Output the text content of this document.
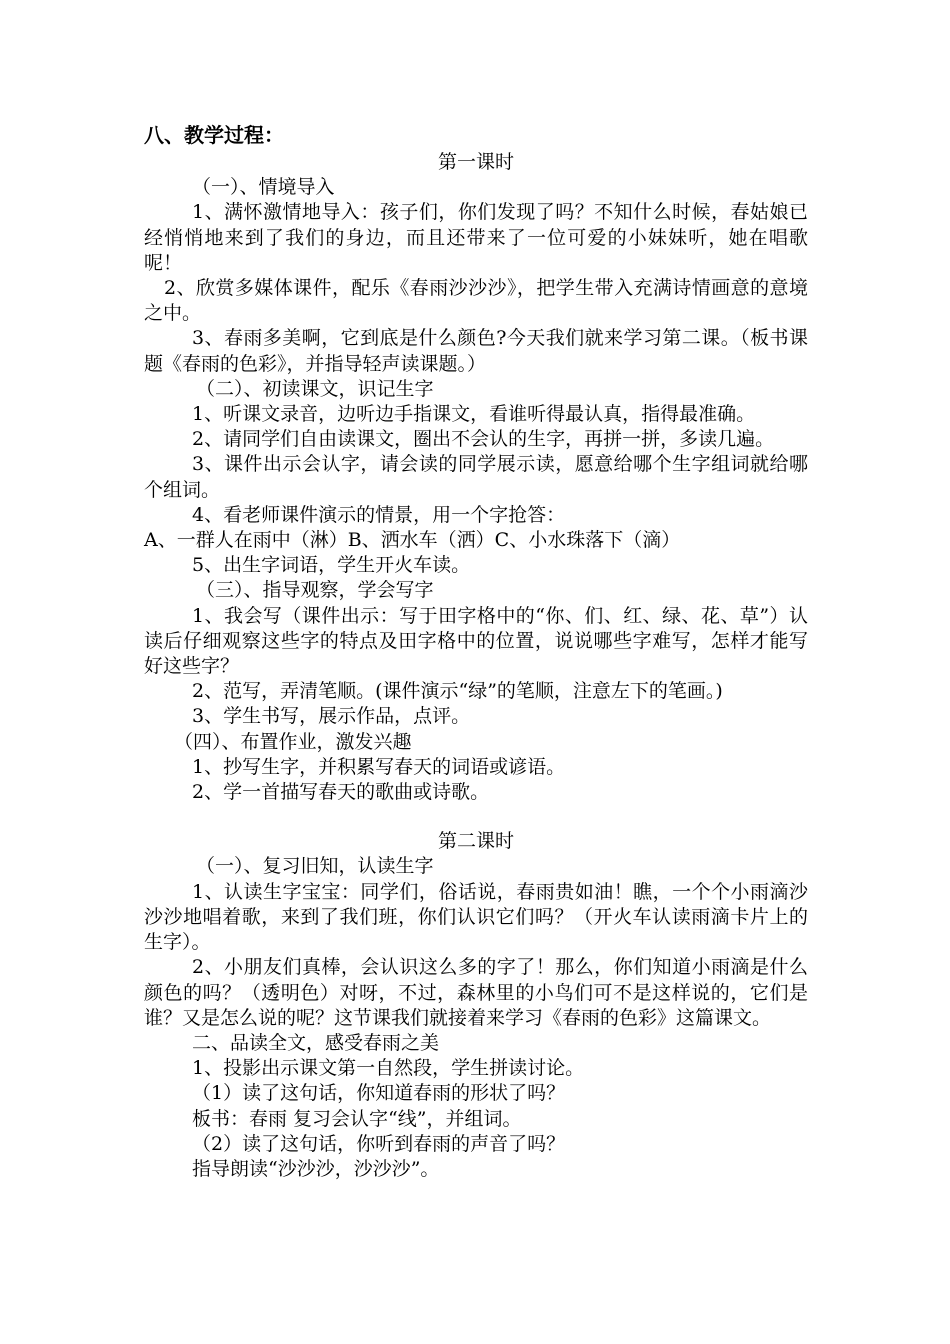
八、教学过程：

第一课时

（一）、情境导入

1、满怀激情地导入：孩子们，你们发现了吗？不知什么时候，春姑娘已经悄悄地来到了我们的身边，而且还带来了一位可爱的小妹妹听，她在唱歌呢！

2、欣赏多媒体课件，配乐《春雨沙沙沙》，把学生带入充满诗情画意的意境之中。

3、春雨多美啊，它到底是什么颜色?今天我们就来学习第二课。（板书课题《春雨的色彩》，并指导轻声读课题。）

（二）、初读课文，识记生字

1、听课文录音，边听边手指课文，看谁听得最认真，指得最准确。

2、请同学们自由读课文，圈出不会认的生字，再拼一拼，多读几遍。

3、课件出示会认字，请会读的同学展示读，愿意给哪个生字组词就给哪个组词。

4、看老师课件演示的情景，用一个字抢答：

A、一群人在雨中（淋）B、洒水车（洒）C、小水珠落下（滴）

5、出生字词语，学生开火车读。

（三）、指导观察，学会写字

1、我会写（课件出示：写于田字格中的“你、们、红、绿、花、草”）认读后仔细观察这些字的特点及田字格中的位置，说说哪些字难写，怎样才能写好这些字？

2、范写，弄清笔顺。(课件演示“绿”的笔顺，注意左下的笔画。)

3、学生书写，展示作品，点评。

（四）、布置作业，激发兴趣

1、抄写生字，并积累写春天的词语或谚语。

2、学一首描写春天的歌曲或诗歌。

第二课时

（一）、复习旧知，认读生字

1、认读生字宝宝：同学们，俗话说，春雨贵如油！瞧，一个个小雨滴沙沙沙地唱着歌，来到了我们班，你们认识它们吗？（开火车认读雨滴卡片上的生字）。

2、小朋友们真棒，会认识这么多的字了！那么，你们知道小雨滴是什么颜色的吗？（透明色）对呀，不过，森林里的小鸟们可不是这样说的，它们是谁？又是怎么说的呢？这节课我们就接着来学习《春雨的色彩》这篇课文。

二、品读全文，感受春雨之美

1、投影出示课文第一自然段，学生拼读讨论。

（1）读了这句话，你知道春雨的形状了吗？

板书：春雨 复习会认字“线”，并组词。

（2）读了这句话，你听到春雨的声音了吗？

指导朗读“沙沙沙，沙沙沙”。
